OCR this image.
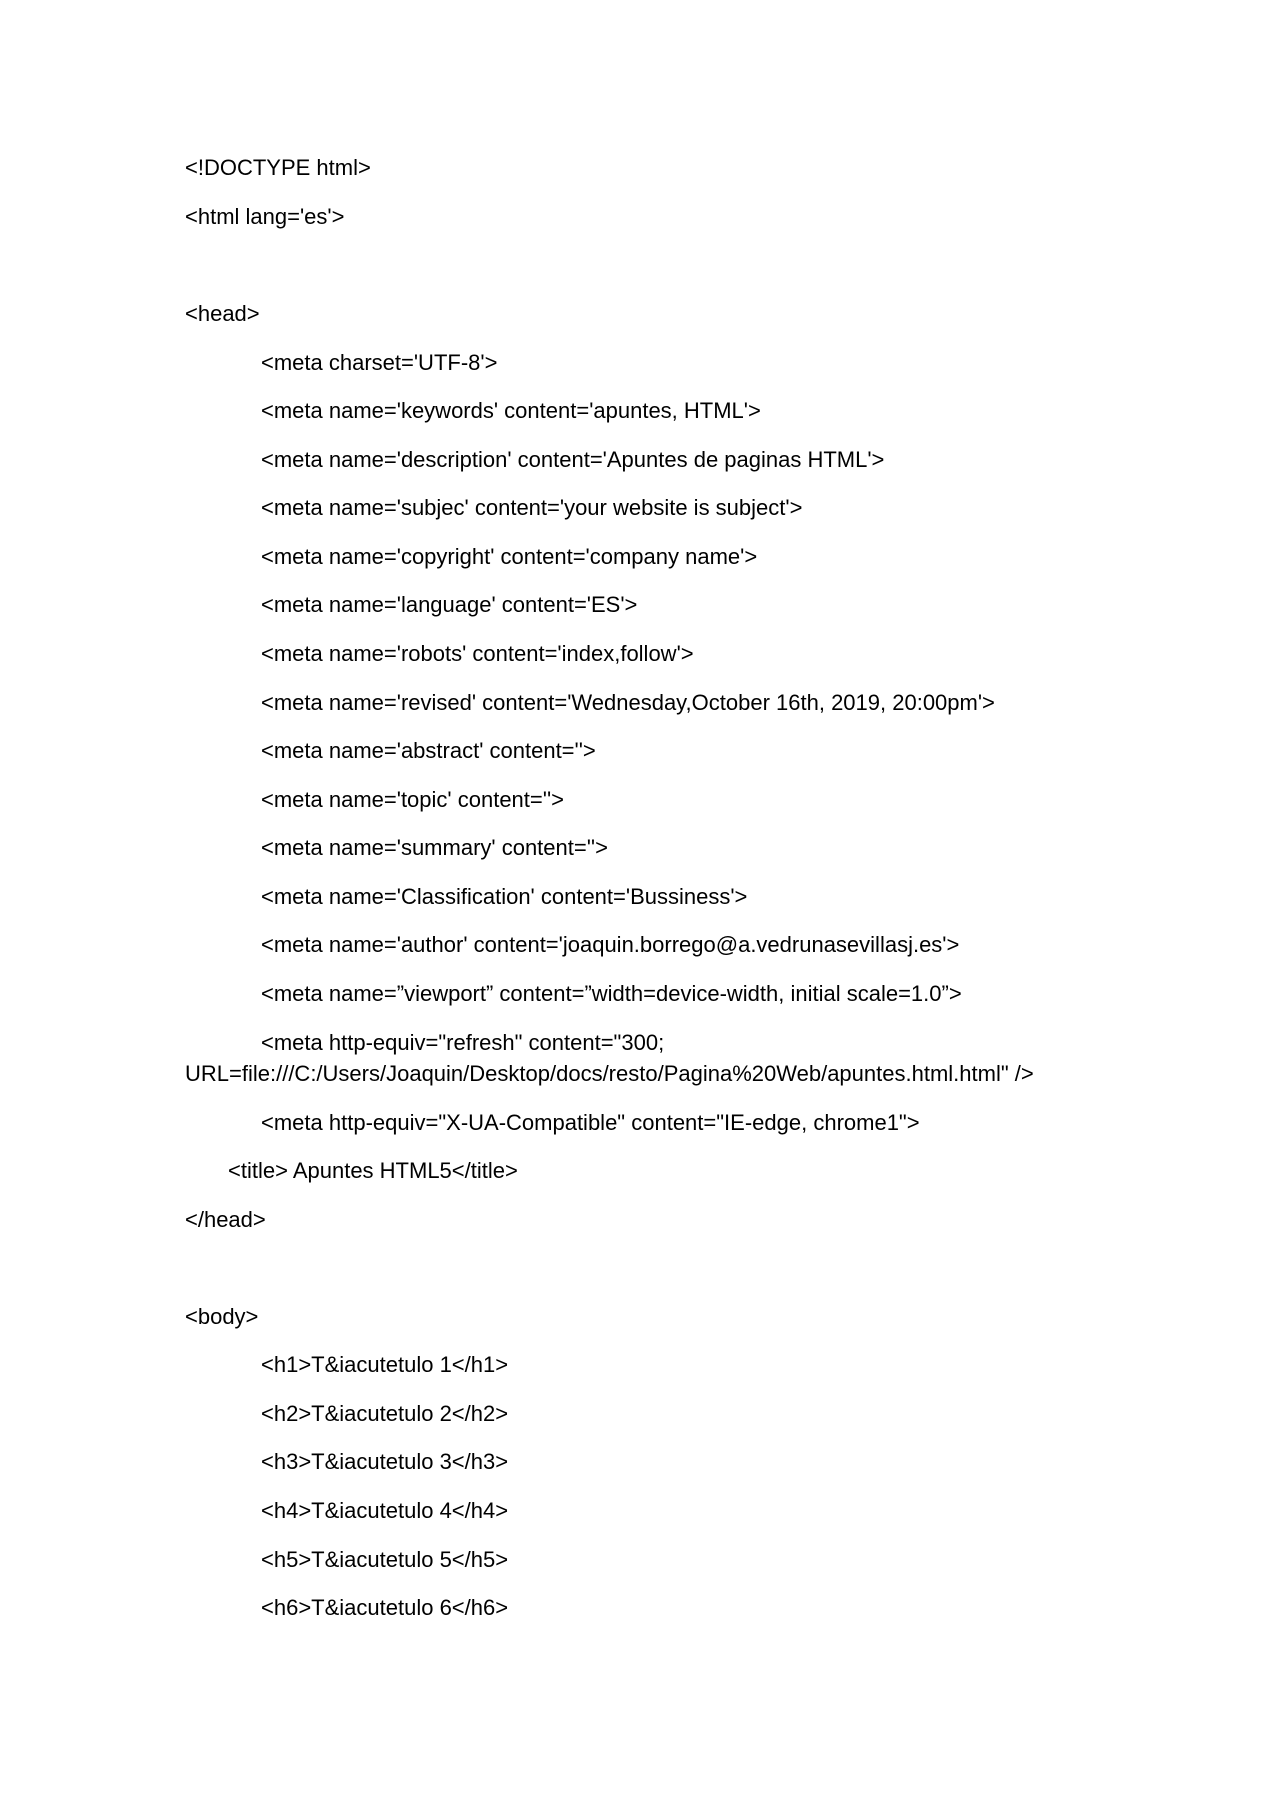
<!DOCTYPE html>

<html lang='es'>

<head>

<meta charset='UTF-8'>

<meta name='keywords' content='apuntes, HTML'>

<meta name='description' content='Apuntes de paginas HTML'>

<meta name='subjec' content='your website is subject'>

<meta name='copyright' content='company name'>

<meta name='language' content='ES'>

<meta name='robots' content='index,follow'>

<meta name='revised' content='Wednesday,October 16th, 2019, 20:00pm'>

<meta name='abstract' content=''>

<meta name='topic' content=''>

<meta name='summary' content=''>

<meta name='Classification' content='Bussiness'>

<meta name='author' content='joaquin.borrego@a.vedrunasevillasj.es'>

<meta name=”viewport” content=”width=device-width, initial scale=1.0”>

<meta http-equiv="refresh" content="300;

URL=file:///C:/Users/Joaquin/Desktop/docs/resto/Pagina%20Web/apuntes.html.html" />

<meta http-equiv="X-UA-Compatible" content="IE-edge, chrome1">

<title> Apuntes HTML5</title>

</head>

<body>

<h1>T&iacutetulo 1</h1>

<h2>T&iacutetulo 2</h2>

<h3>T&iacutetulo 3</h3>

<h4>T&iacutetulo 4</h4>

<h5>T&iacutetulo 5</h5>

<h6>T&iacutetulo 6</h6>
